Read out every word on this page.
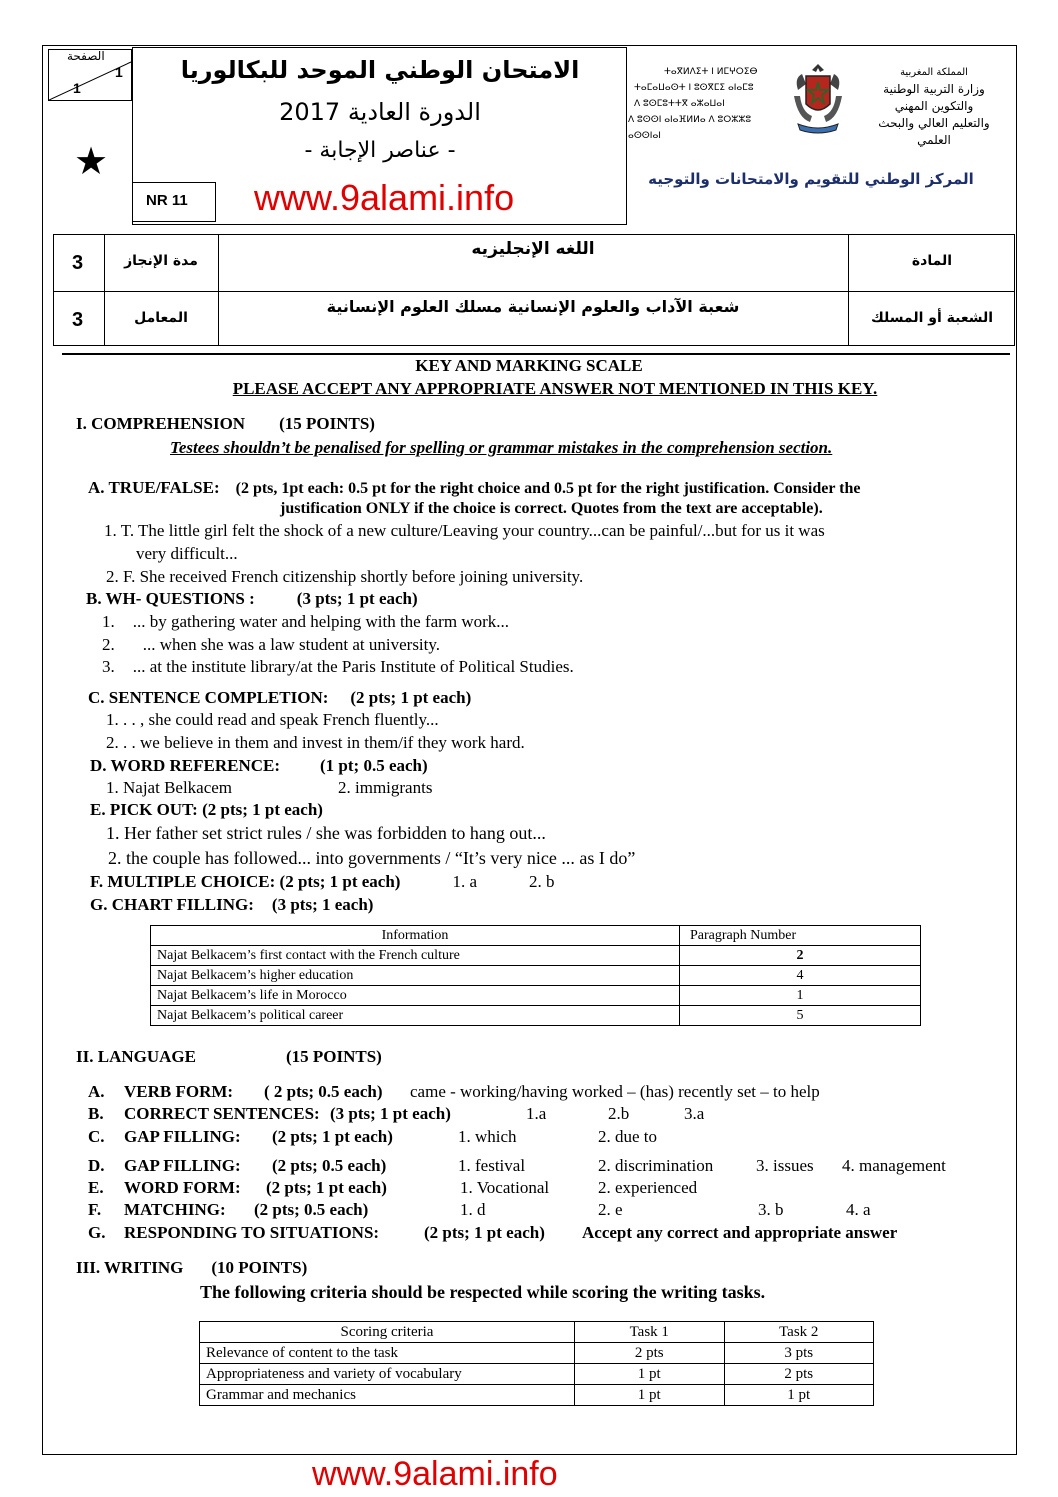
الصفحة
1
1
★
الامتحان الوطني الموحد للبكالوريا
الدورة العادية 2017
- عناصر الإجابة -
NR 11 www.9alami.info
ⵜⴰⴳⵍⴷⵉⵜ ⵏ ⵍⵎⵖⵔⵉⴱ
ⵜⴰⵎⴰⵡⴰⵙⵜ ⵏ ⵓⵙⴳⵎⵉ ⴰⵏⴰⵎⵓ
ⴷ ⵓⵙⵎⵓⵜⵜⴳ ⴰⵣⴰⵡⴰⵏ
ⴷ ⵓⵙⵙⵏ ⴰⵏⴰⴼⵍⵍⴰ ⴷ ⵓⵔⵣⵣⵓ ⴰⵙⵙⵏⴰⵏ
المملكة المغربية
وزارة التربية الوطنية
والتكوين المهني
والتعليم العالي والبحث العلمي
المركز الوطني للتقويم والامتحانات والتوجيه
3	مدة الإنجاز
اللغه الإنجليزيه
المادة
3	المعامل
شعبة الآداب والعلوم الإنسانية مسلك العلوم الإنسانية
الشعبة أو المسلك
KEY AND MARKING SCALE
PLEASE ACCEPT ANY APPROPRIATE ANSWER NOT MENTIONED IN THIS KEY.
I. COMPREHENSION (15 POINTS)
Testees shouldn’t be penalised for spelling or grammar mistakes in the comprehension section.
A. TRUE/FALSE: (2 pts, 1pt each: 0.5 pt for the right choice and 0.5 pt for the right justification. Consider the
justification ONLY if the choice is correct. Quotes from the text are acceptable).
1. T. The little girl felt the shock of a new culture/Leaving your country...can be painful/...but for us it was
very difficult...
2. F. She received French citizenship shortly before joining university.
B. WH- QUESTIONS : (3 pts; 1 pt each)
1. ... by gathering water and helping with the farm work...
2. ... when she was a law student at university.
3. ... at the institute library/at the Paris Institute of Political Studies.
C. SENTENCE COMPLETION: (2 pts; 1 pt each)
1. . . , she could read and speak French fluently...
2. . . we believe in them and invest in them/if they work hard.
D. WORD REFERENCE: (1 pt; 0.5 each)
1. Najat Belkacem	2. immigrants
E. PICK OUT: (2 pts; 1 pt each)
1. Her father set strict rules / she was forbidden to hang out...
2. the couple has followed... into governments / “It’s very nice ... as I do”
F. MULTIPLE CHOICE: (2 pts; 1 pt each)	1. a	2. b
G. CHART FILLING: (3 pts; 1 each)
Information	Paragraph Number
Najat Belkacem’s first contact with the French culture	2
Najat Belkacem’s higher education	4
Najat Belkacem’s life in Morocco	1
Najat Belkacem’s political career	5
II. LANGUAGE	(15 POINTS)
A. VERB FORM: ( 2 pts; 0.5 each) came - working/having worked – (has) recently set – to help
B. CORRECT SENTENCES: (3 pts; 1 pt each)	1.a	2.b	3.a
C. GAP FILLING: (2 pts; 1 pt each)	1. which	2. due to
D. GAP FILLING: (2 pts; 0.5 each)	1. festival	2. discrimination	3. issues 4. management
E. WORD FORM: (2 pts; 1 pt each)	1. Vocational	2. experienced
F. MATCHING: (2 pts; 0.5 each)	1. d	2. e	3. b	4. a
G. RESPONDING TO SITUATIONS:	(2 pts; 1 pt each) Accept any correct and appropriate answer
III. WRITING (10 POINTS)
The following criteria should be respected while scoring the writing tasks.
Scoring criteria	Task 1	Task 2
Relevance of content to the task	2 pts	3 pts
Appropriateness and variety of vocabulary	1 pt	2 pts
Grammar and mechanics	1 pt	1 pt
www.9alami.info
